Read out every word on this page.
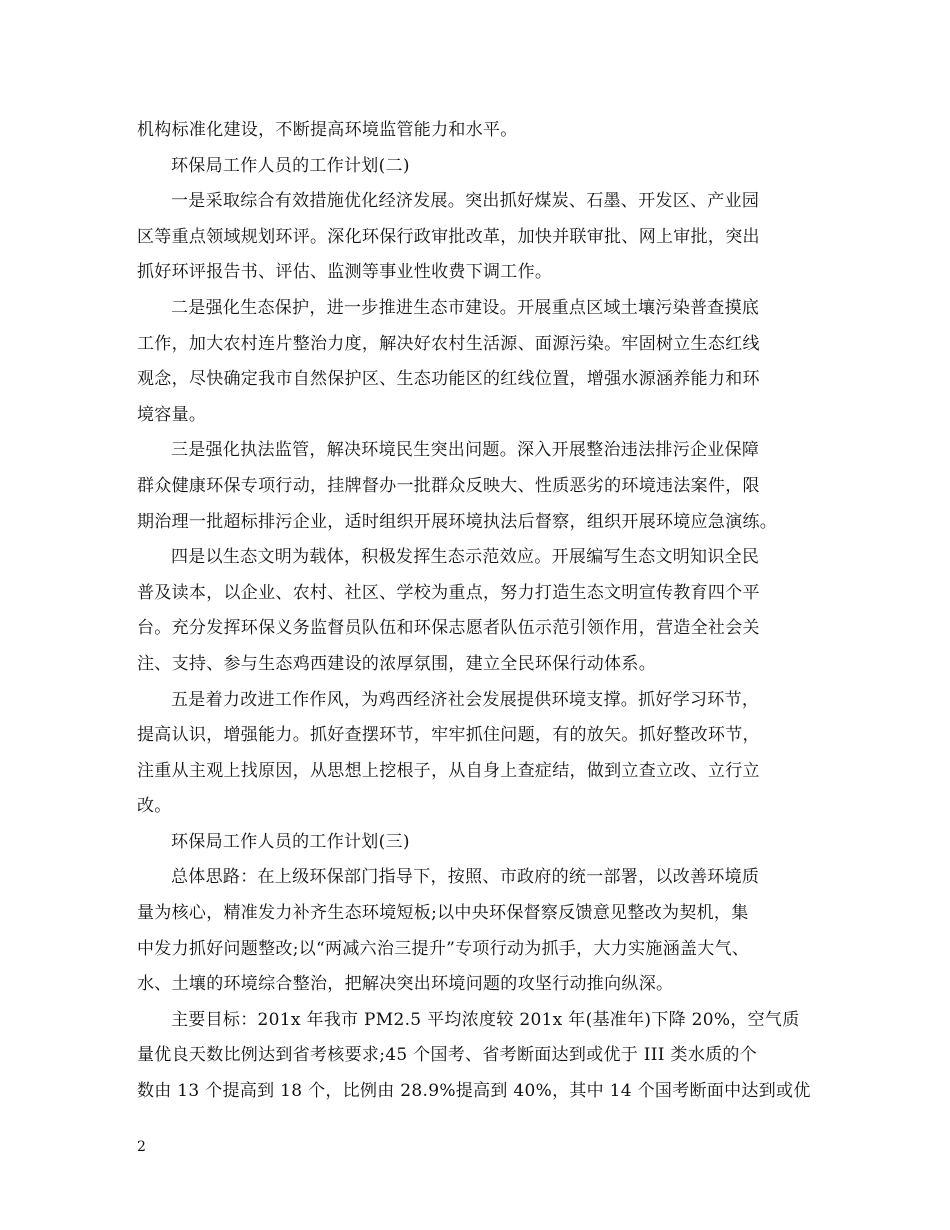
机构标准化建设，不断提高环境监管能力和水平。
环保局工作人员的工作计划(二)
一是采取综合有效措施优化经济发展。突出抓好煤炭、石墨、开发区、产业园
区等重点领域规划环评。深化环保行政审批改革，加快并联审批、网上审批，突出
抓好环评报告书、评估、监测等事业性收费下调工作。
二是强化生态保护，进一步推进生态市建设。开展重点区域土壤污染普查摸底
工作，加大农村连片整治力度，解决好农村生活源、面源污染。牢固树立生态红线
观念，尽快确定我市自然保护区、生态功能区的红线位置，增强水源涵养能力和环
境容量。
三是强化执法监管，解决环境民生突出问题。深入开展整治违法排污企业保障
群众健康环保专项行动，挂牌督办一批群众反映大、性质恶劣的环境违法案件，限
期治理一批超标排污企业，适时组织开展环境执法后督察，组织开展环境应急演练。
四是以生态文明为载体，积极发挥生态示范效应。开展编写生态文明知识全民
普及读本，以企业、农村、社区、学校为重点，努力打造生态文明宣传教育四个平
台。充分发挥环保义务监督员队伍和环保志愿者队伍示范引领作用，营造全社会关
注、支持、参与生态鸡西建设的浓厚氛围，建立全民环保行动体系。
五是着力改进工作作风，为鸡西经济社会发展提供环境支撑。抓好学习环节，
提高认识，增强能力。抓好查摆环节，牢牢抓住问题，有的放矢。抓好整改环节，
注重从主观上找原因，从思想上挖根子，从自身上查症结，做到立查立改、立行立
改。
环保局工作人员的工作计划(三)
总体思路：在上级环保部门指导下，按照、市政府的统一部署，以改善环境质
量为核心，精准发力补齐生态环境短板;以中央环保督察反馈意见整改为契机，集
中发力抓好问题整改;以“两减六治三提升”专项行动为抓手，大力实施涵盖大气、
水、土壤的环境综合整治，把解决突出环境问题的攻坚行动推向纵深。
主要目标：201x 年我市 PM2.5 平均浓度较 201x 年(基准年)下降 20%，空气质
量优良天数比例达到省考核要求;45 个国考、省考断面达到或优于 III 类水质的个
数由 13 个提高到 18 个，比例由 28.9%提高到 40%，其中 14 个国考断面中达到或优
2
